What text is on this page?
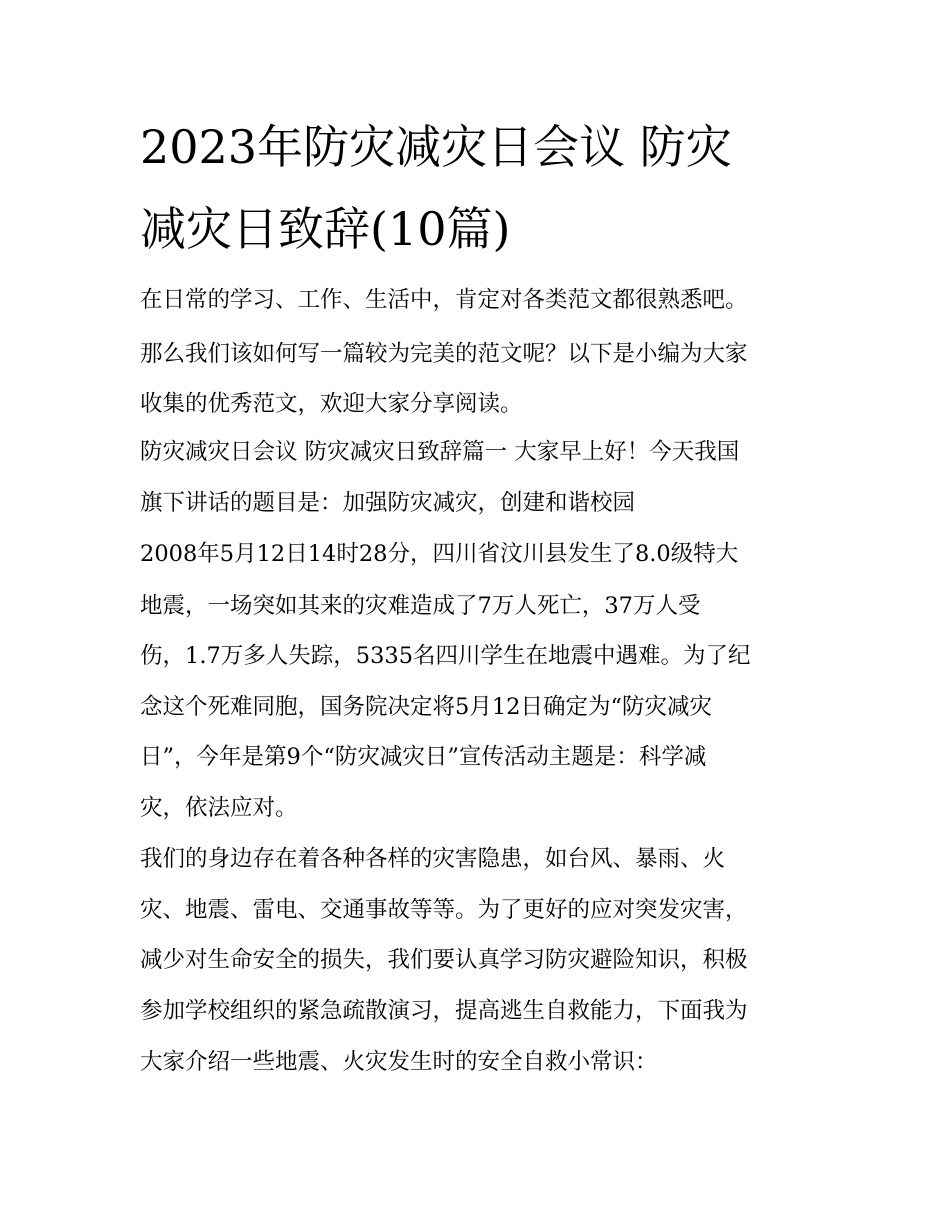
2023年防灾减灾日会议 防灾
减灾日致辞(10篇)
在日常的学习、工作、生活中，肯定对各类范文都很熟悉吧。
那么我们该如何写一篇较为完美的范文呢？以下是小编为大家
收集的优秀范文，欢迎大家分享阅读。
防灾减灾日会议 防灾减灾日致辞篇一 大家早上好！今天我国
旗下讲话的题目是：加强防灾减灾，创建和谐校园
2008年5月12日14时28分，四川省汶川县发生了8.0级特大
地震，一场突如其来的灾难造成了7万人死亡，37万人受
伤，1.7万多人失踪，5335名四川学生在地震中遇难。为了纪
念这个死难同胞，国务院决定将5月12日确定为“防灾减灾
日”，今年是第9个“防灾减灾日”宣传活动主题是：科学减
灾，依法应对。
我们的身边存在着各种各样的灾害隐患，如台风、暴雨、火
灾、地震、雷电、交通事故等等。为了更好的应对突发灾害，
减少对生命安全的损失，我们要认真学习防灾避险知识，积极
参加学校组织的紧急疏散演习，提高逃生自救能力，下面我为
大家介绍一些地震、火灾发生时的安全自救小常识：
